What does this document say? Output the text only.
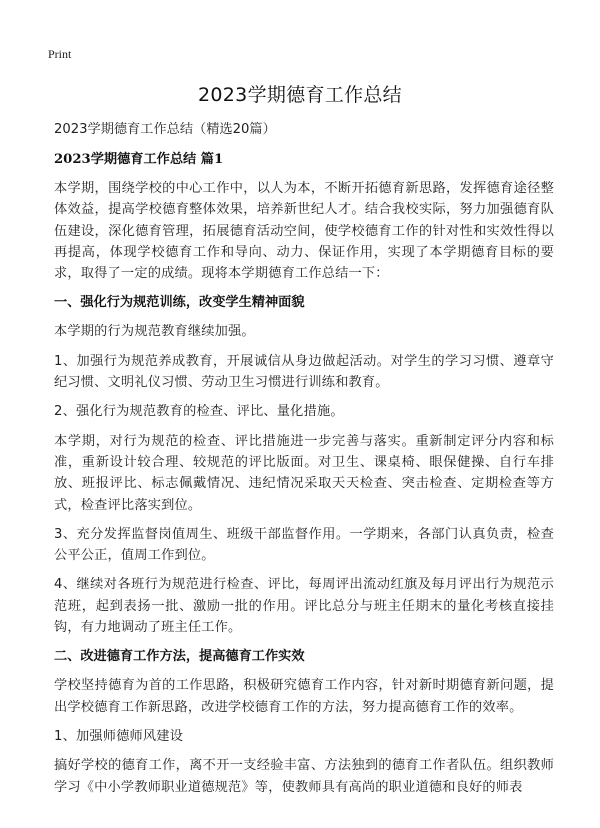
Print
2023学期德育工作总结
2023学期德育工作总结（精选20篇）
2023学期德育工作总结 篇1

本学期，围绕学校的中心工作中，以人为本，不断开拓德育新思路，发挥德育途径整体效益，提高学校德育整体效果，培养新世纪人才。结合我校实际，努力加强德育队伍建设，深化德育管理，拓展德育活动空间，使学校德育工作的针对性和实效性得以再提高，体现学校德育工作和导向、动力、保证作用，实现了本学期德育目标的要求，取得了一定的成绩。现将本学期德育工作总结一下：

一、强化行为规范训练，改变学生精神面貌

本学期的行为规范教育继续加强。

1、加强行为规范养成教育，开展诚信从身边做起活动。对学生的学习习惯、遵章守纪习惯、文明礼仪习惯、劳动卫生习惯进行训练和教育。

2、强化行为规范教育的检查、评比、量化措施。

本学期，对行为规范的检查、评比措施进一步完善与落实。重新制定评分内容和标准，重新设计较合理、较规范的评比版面。对卫生、课桌椅、眼保健操、自行车排放、班报评比、标志佩戴情况、违纪情况采取天天检查、突击检查、定期检查等方式，检查评比落实到位。

3、充分发挥监督岗值周生、班级干部监督作用。一学期来，各部门认真负责，检查公平公正，值周工作到位。

4、继续对各班行为规范进行检查、评比，每周评出流动红旗及每月评出行为规范示范班，起到表扬一批、激励一批的作用。评比总分与班主任期末的量化考核直接挂钩，有力地调动了班主任工作。

二、改进德育工作方法，提高德育工作实效

学校坚持德育为首的工作思路，积极研究德育工作内容，针对新时期德育新问题，提出学校德育工作新思路，改进学校德育工作的方法，努力提高德育工作的效率。

1、加强师德师风建设

搞好学校的德育工作，离不开一支经验丰富、方法独到的德育工作者队伍。组织教师学习《中小学教师职业道德规范》等，使教师具有高尚的职业道德和良好的师表
